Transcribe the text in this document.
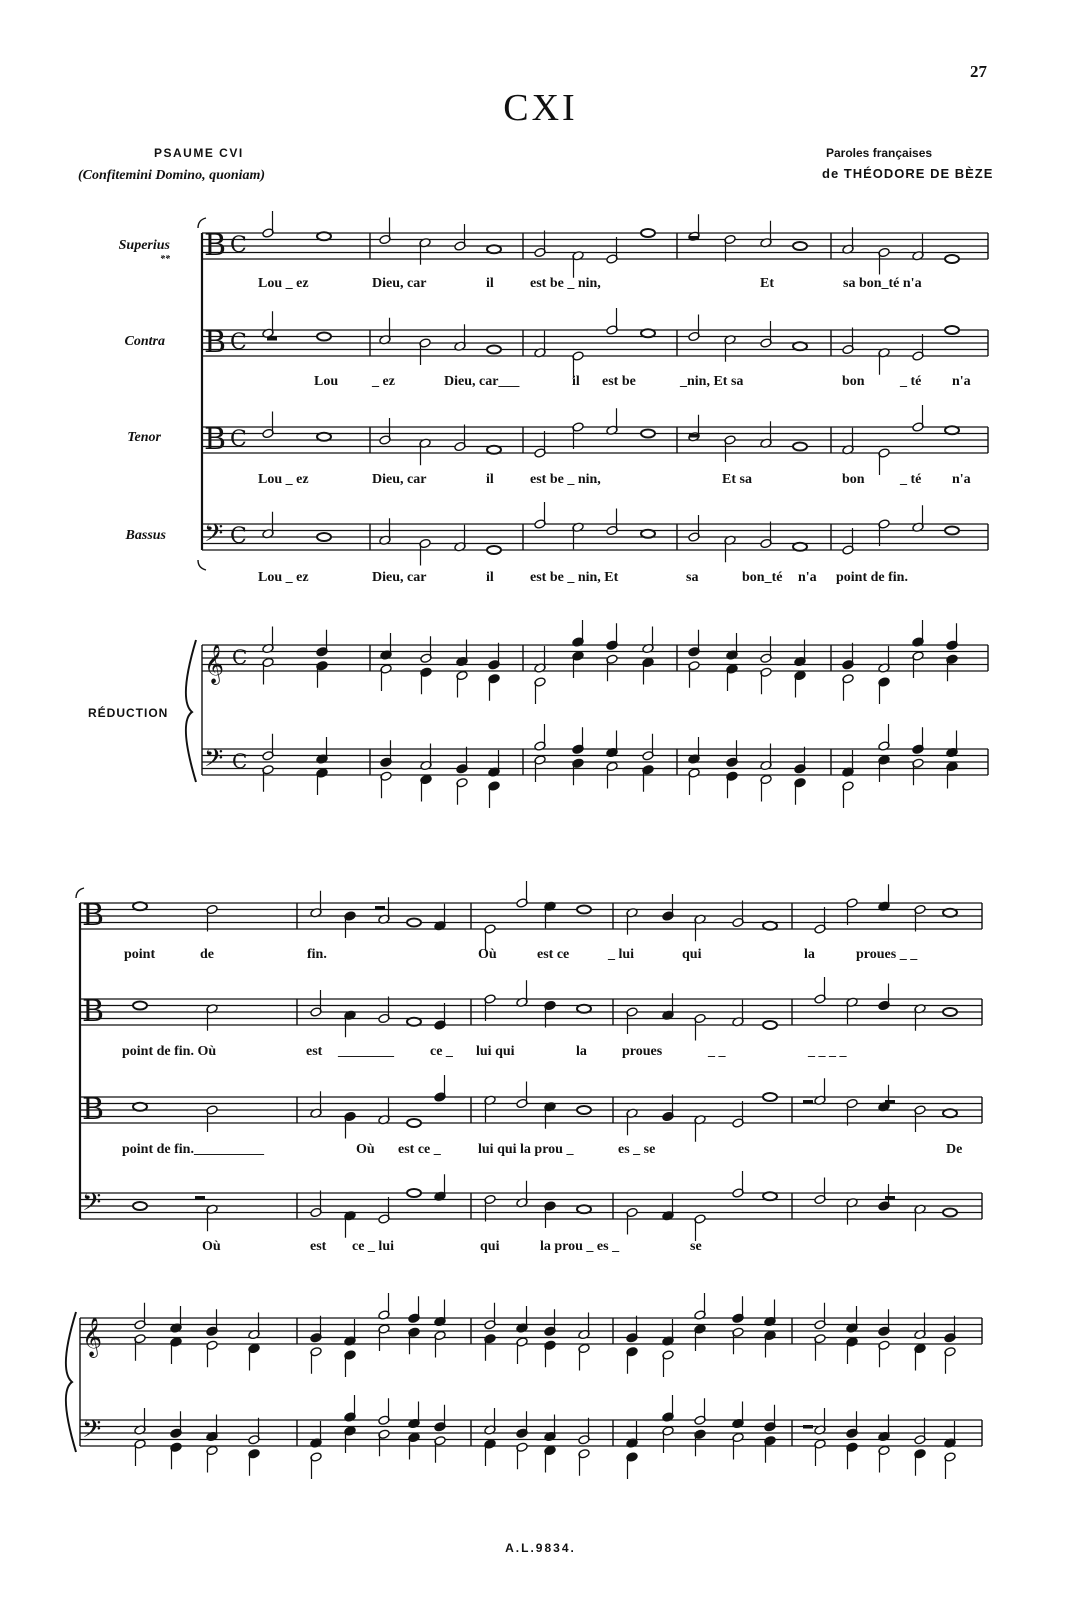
27
CXI
PSAUME CVI
(Confitemini Domino, quoniam)
Paroles françaises
de THÉODORE DE BÈZE
Superius
**
Contra
Tenor
Bassus
RÉDUCTION
Lou _ ez	Dieu, car	il	est be _ nin,	Et	sa bon_té n'a
Lou _ ez	Dieu, car___	il est be	_nin, Et sa	bon	_ té n'a
Lou _ ez	Dieu, car	il	est be _ nin,	Et sa	bon	_ té n'a
Lou _ ez	Dieu, car	il	est be _ nin, Et	sa	bon_té n'a point de fin.
point	de	fin.	Où	est ce	_ lui	qui	la	proues _ _
point de fin. Où	est ________	ce _ lui qui	la	proues	_ _	_ _ _ _
point de fin.__________	Où est ce _	lui qui la prou _	es _ se	De
Où	est ce _ lui	qui	la prou _ es _	se
A.L.9834.
B C
B C
B C
𝄢 C
𝄞 C
𝄢 C
B
B
B
𝄢
𝄞
𝄢
